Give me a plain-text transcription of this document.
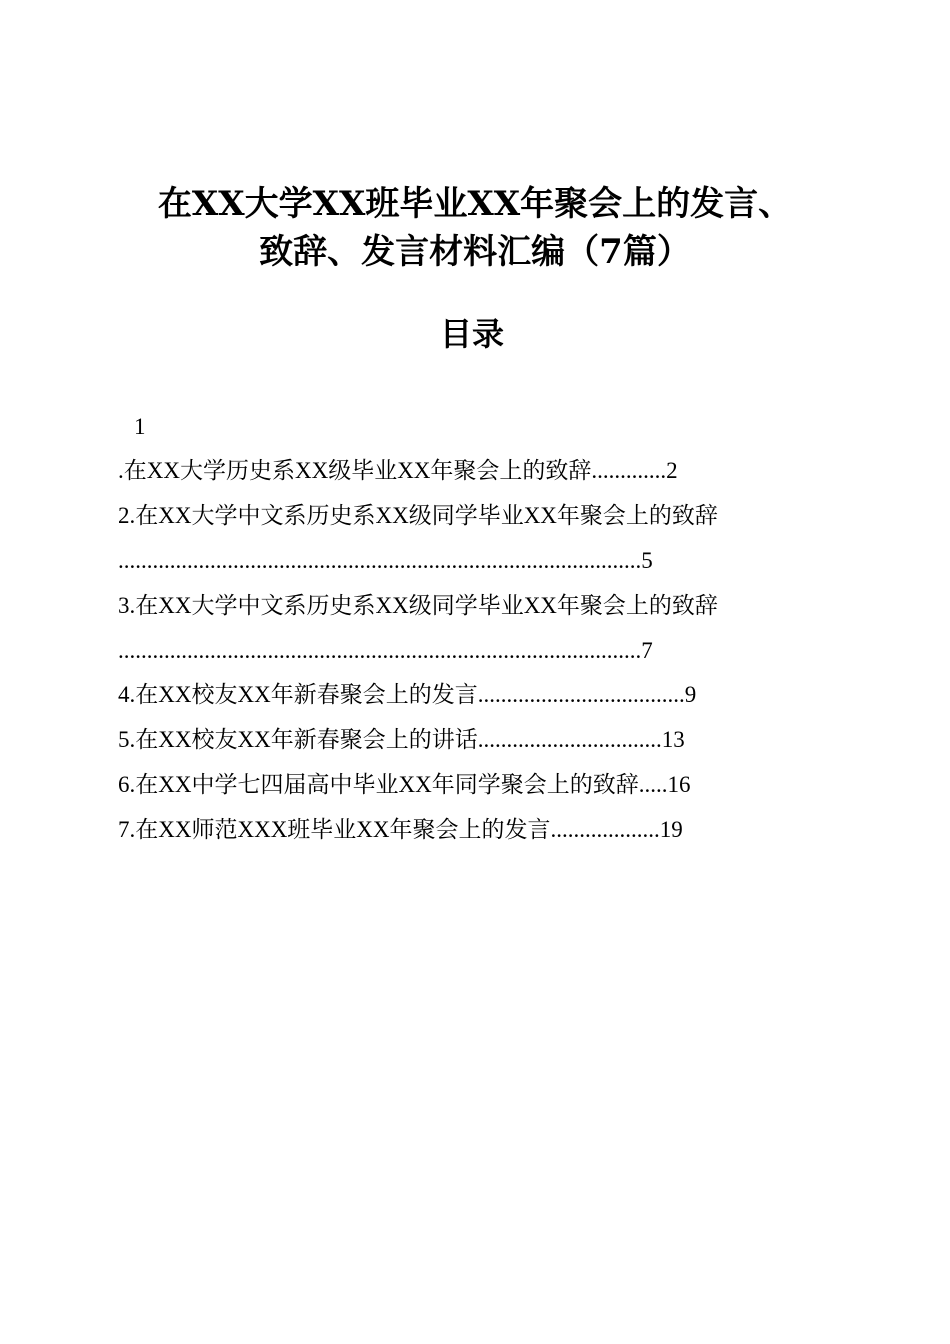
在XX大学XX班毕业XX年聚会上的发言、
致辞、发言材料汇编（7篇）
目录
1
.在XX大学历史系XX级毕业XX年聚会上的致辞.............2
2.在XX大学中文系历史系XX级同学毕业XX年聚会上的致辞
...........................................................................................5
3.在XX大学中文系历史系XX级同学毕业XX年聚会上的致辞
...........................................................................................7
4.在XX校友XX年新春聚会上的发言....................................9
5.在XX校友XX年新春聚会上的讲话................................13
6.在XX中学七四届高中毕业XX年同学聚会上的致辞.....16
7.在XX师范XXX班毕业XX年聚会上的发言...................19
